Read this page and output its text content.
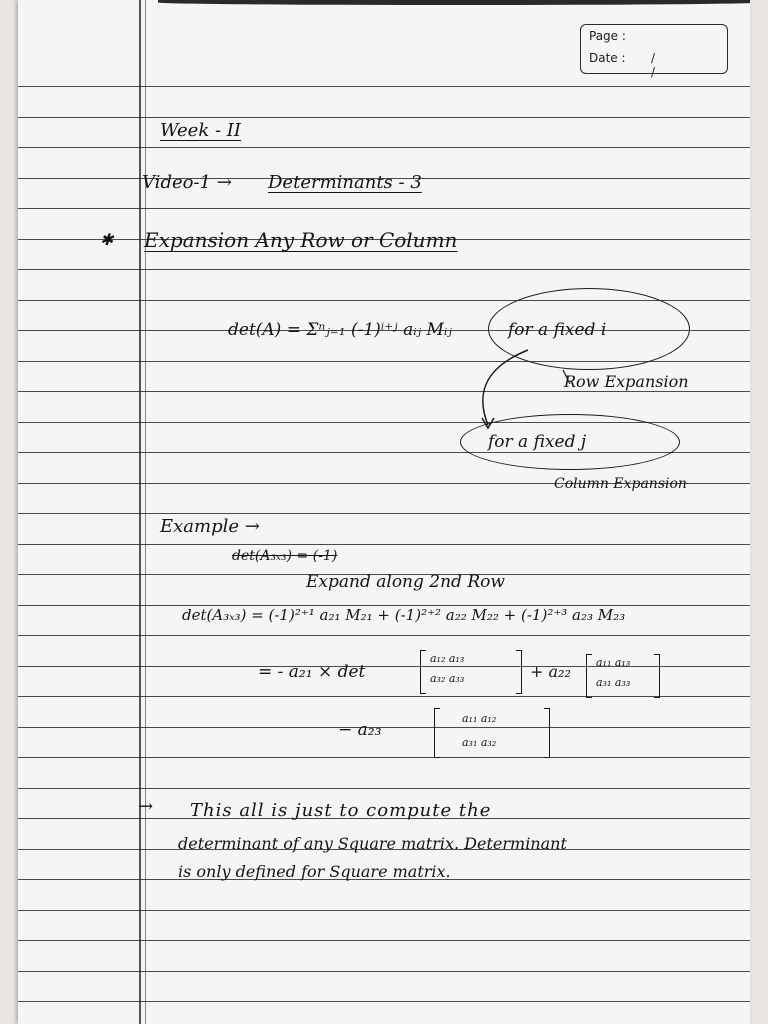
Page :
Date : / /
Week - II
Video-1 → Determinants - 3
✱ Expansion Any Row or Column
det(A) = Σⁿⱼ₌₁ (-1)ⁱ⁺ʲ aᵢⱼ Mᵢⱼ	for a fixed i
Row Expansion
for a fixed j
Column Expansion
Example →
det(A₃ₓ₃) = (-1)
Expand along 2nd Row
det(A₃ₓ₃) = (-1)²⁺¹ a₂₁ M₂₁ + (-1)²⁺² a₂₂ M₂₂ + (-1)²⁺³ a₂₃ M₂₃
= - a₂₁ × det
a₁₂ a₁₃
a₃₂ a₃₃	+ a₂₂ a₁₁ a₁₃
a₃₁ a₃₃
− a₂₃
a₁₁ a₁₂
a₃₁ a₃₂
→ This all is just to compute the
determinant of any Square matrix. Determinant
is only defined for Square matrix.
